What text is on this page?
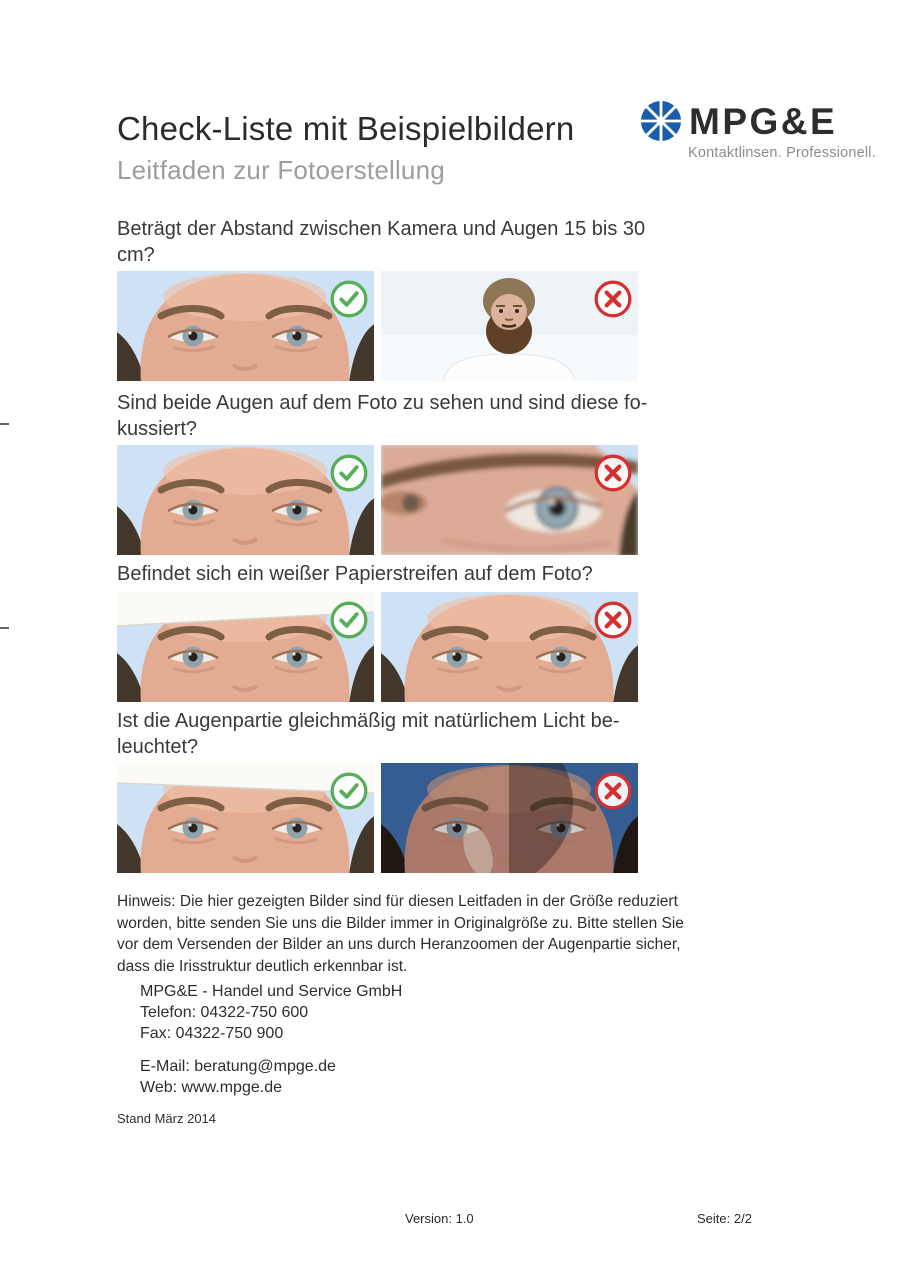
MPG&E
Kontaktlinsen. Professionell.
Check-Liste mit Beispielbildern
Leitfaden zur Fotoerstellung
Beträgt der Abstand zwischen Kamera und Augen 15 bis 30
cm?
Sind beide Augen auf dem Foto zu sehen und sind diese fo-
kussiert?
Befindet sich ein weißer Papierstreifen auf dem Foto?
Ist die Augenpartie gleichmäßig mit natürlichem Licht be-
leuchtet?
Hinweis: Die hier gezeigten Bilder sind für diesen Leitfaden in der Größe reduziert
worden, bitte senden Sie uns die Bilder immer in Originalgröße zu. Bitte stellen Sie
vor dem Versenden der Bilder an uns durch Heranzoomen der Augenpartie sicher,
dass die Irisstruktur deutlich erkennbar ist.
MPG&E - Handel und Service GmbH
Telefon: 04322-750 600
Fax: 04322-750 900
E-Mail: beratung@mpge.de
Web: www.mpge.de
Stand März 2014
Version: 1.0	Seite: 2/2
